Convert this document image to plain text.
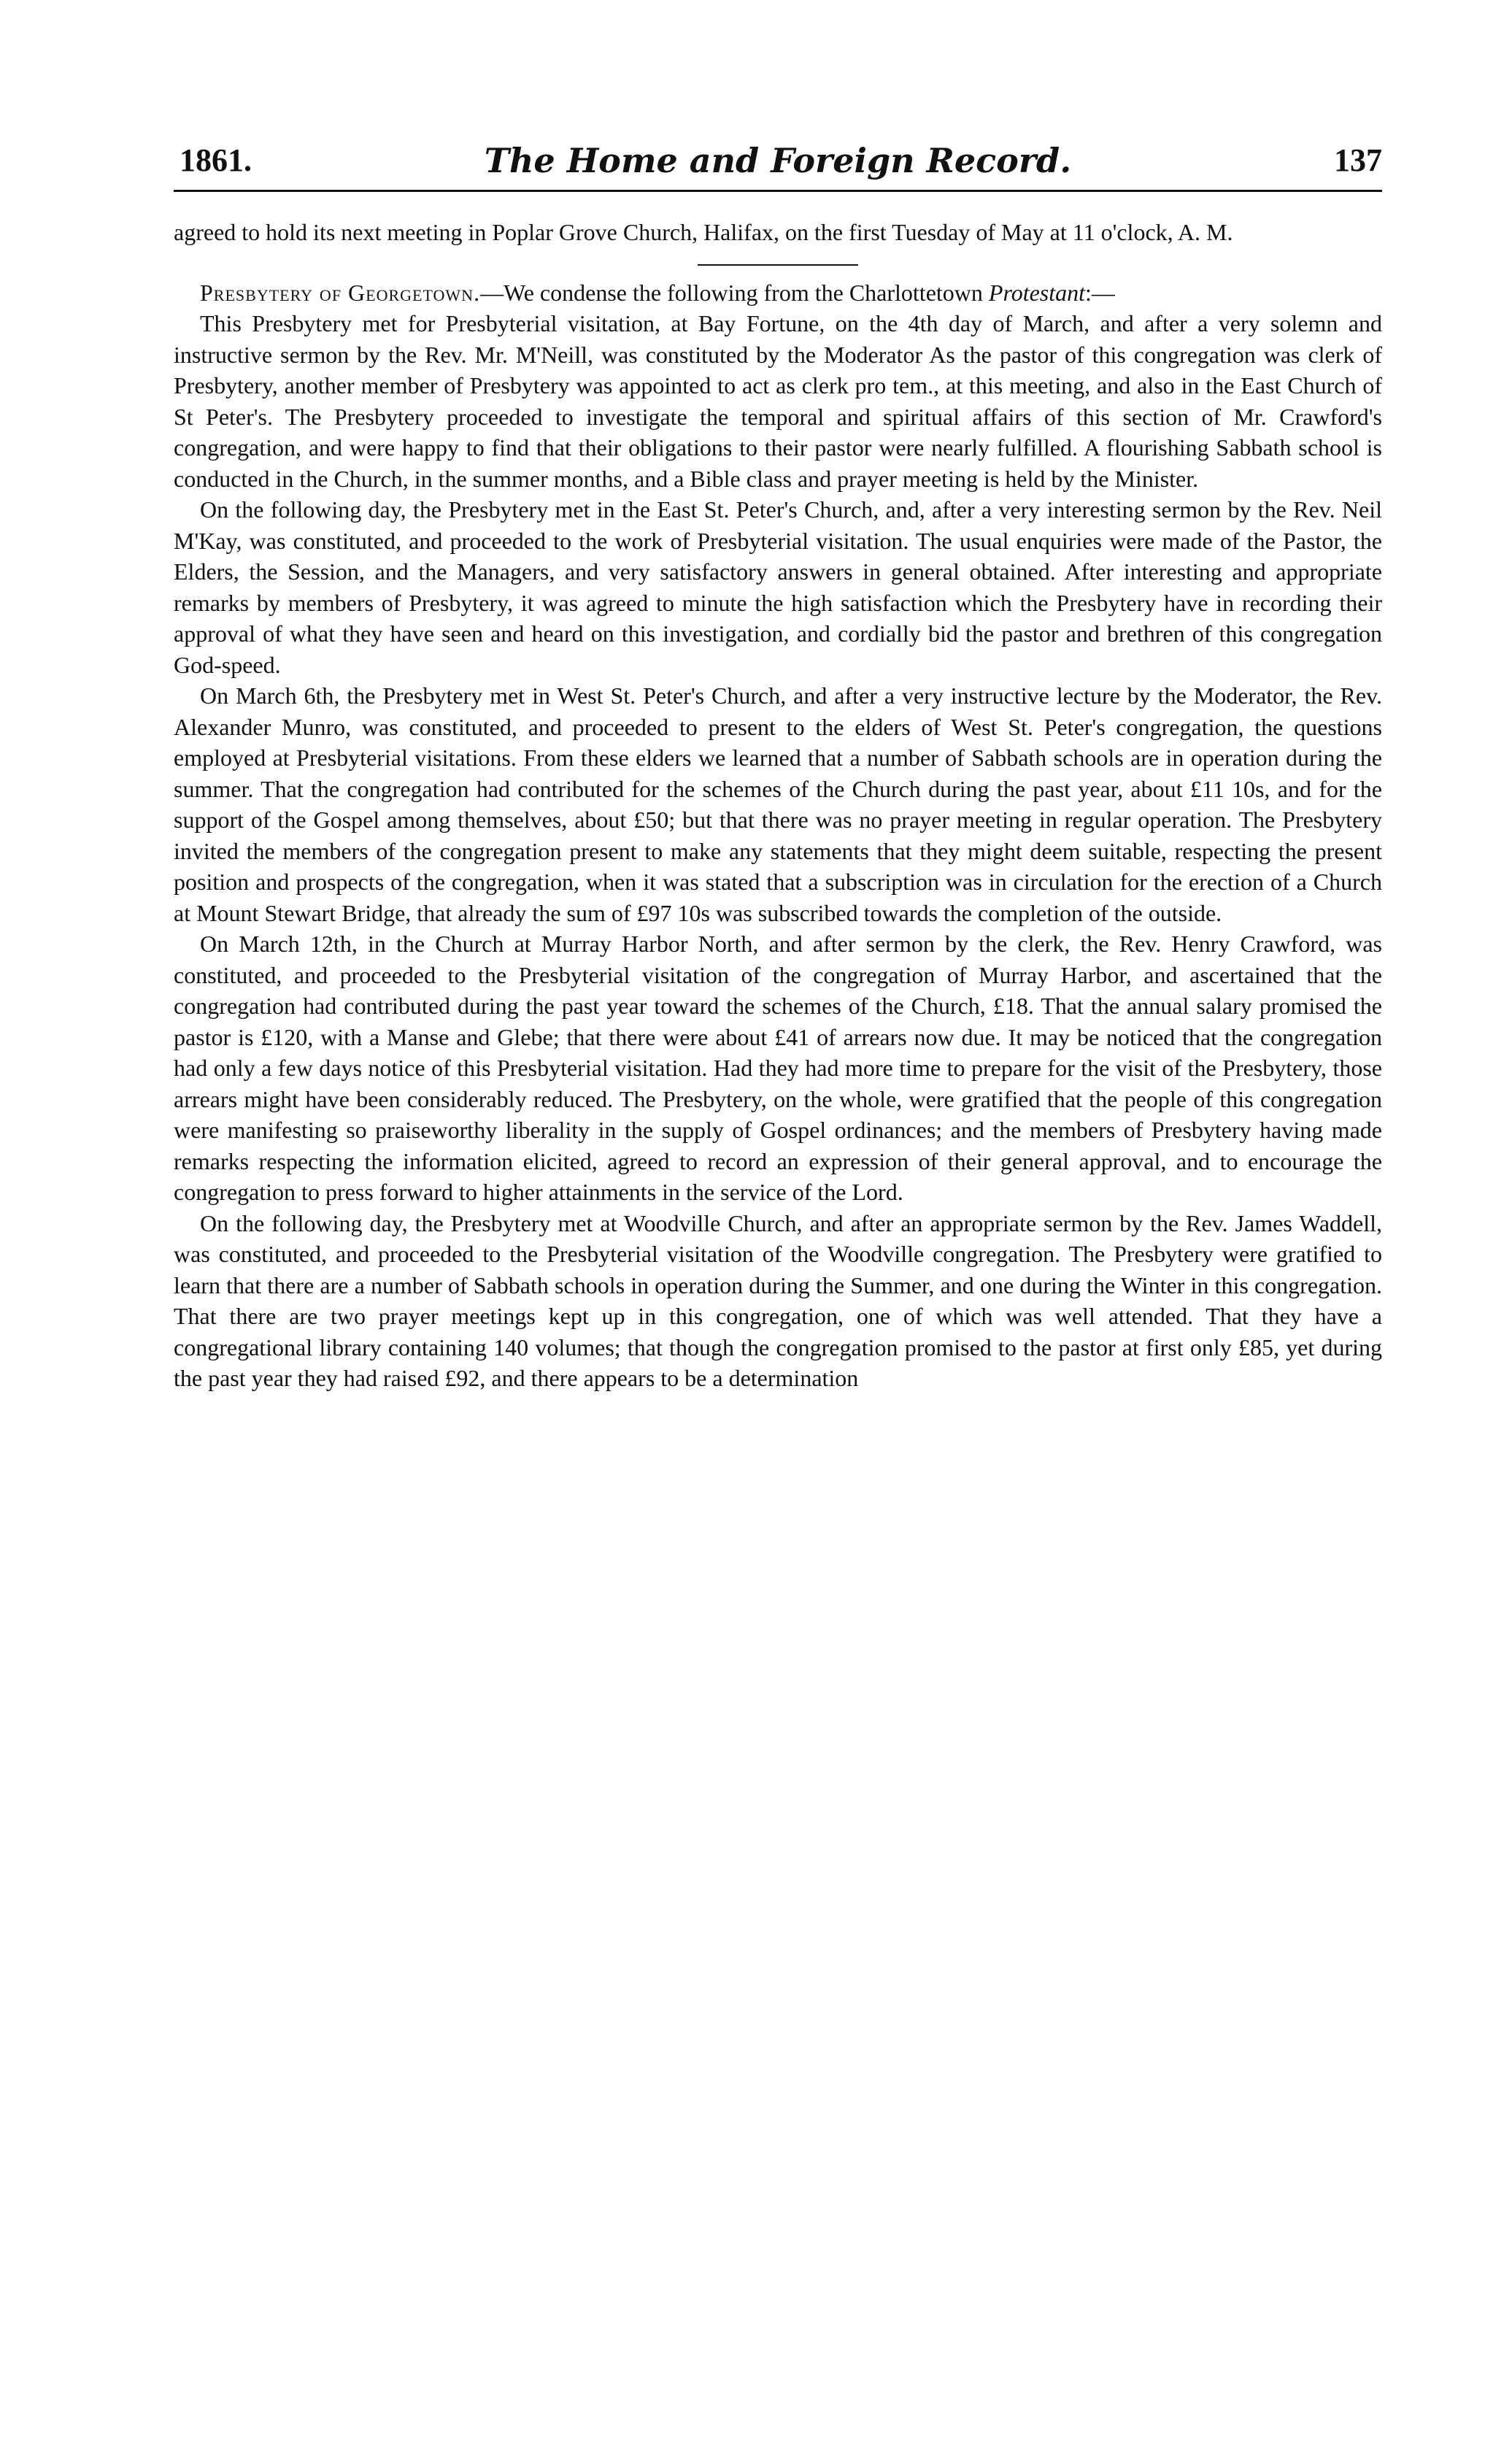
1861.	The Home and Foreign Record.	137

agreed to hold its next meeting in Poplar Grove Church, Halifax, on the first Tuesday of May at 11 o'clock, A. M.

Presbytery of Georgetown.—We condense the following from the Charlottetown Protestant:—

This Presbytery met for Presbyterial visitation, at Bay Fortune, on the 4th day of March, and after a very solemn and instructive sermon by the Rev. Mr. M'Neill, was constituted by the Moderator As the pastor of this congregation was clerk of Presbytery, another member of Presbytery was appointed to act as clerk pro tem., at this meeting, and also in the East Church of St Peter's. The Presbytery proceeded to investigate the temporal and spiritual affairs of this section of Mr. Crawford's congregation, and were happy to find that their obligations to their pastor were nearly fulfilled. A flourishing Sabbath school is conducted in the Church, in the summer months, and a Bible class and prayer meeting is held by the Minister.

On the following day, the Presbytery met in the East St. Peter's Church, and, after a very interesting sermon by the Rev. Neil M'Kay, was constituted, and proceeded to the work of Presbyterial visitation. The usual enquiries were made of the Pastor, the Elders, the Session, and the Managers, and very satisfactory answers in general obtained. After interesting and appropriate remarks by members of Presbytery, it was agreed to minute the high satisfaction which the Presbytery have in recording their approval of what they have seen and heard on this investigation, and cordially bid the pastor and brethren of this congregation God-speed.

On March 6th, the Presbytery met in West St. Peter's Church, and after a very instructive lecture by the Moderator, the Rev. Alexander Munro, was constituted, and proceeded to present to the elders of West St. Peter's congregation, the questions employed at Presbyterial visitations. From these elders we learned that a number of Sabbath schools are in operation during the summer. That the congregation had contributed for the schemes of the Church during the past year, about £11 10s, and for the support of the Gospel among themselves, about £50; but that there was no prayer meeting in regular operation. The Presbytery invited the members of the congregation present to make any statements that they might deem suitable, respecting the present position and prospects of the congregation, when it was stated that a subscription was in circulation for the erection of a Church at Mount Stewart Bridge, that already the sum of £97 10s was subscribed towards the completion of the outside.

On March 12th, in the Church at Murray Harbor North, and after sermon by the clerk, the Rev. Henry Crawford, was constituted, and proceeded to the Presbyterial visitation of the congregation of Murray Harbor, and ascertained that the congregation had contributed during the past year toward the schemes of the Church, £18. That the annual salary promised the pastor is £120, with a Manse and Glebe; that there were about £41 of arrears now due. It may be noticed that the congregation had only a few days notice of this Presbyterial visitation. Had they had more time to prepare for the visit of the Presbytery, those arrears might have been considerably reduced. The Presbytery, on the whole, were gratified that the people of this congregation were manifesting so praiseworthy liberality in the supply of Gospel ordinances; and the members of Presbytery having made remarks respecting the information elicited, agreed to record an expression of their general approval, and to encourage the congregation to press forward to higher attainments in the service of the Lord.

On the following day, the Presbytery met at Woodville Church, and after an appropriate sermon by the Rev. James Waddell, was constituted, and proceeded to the Presbyterial visitation of the Woodville congregation. The Presbytery were gratified to learn that there are a number of Sabbath schools in operation during the Summer, and one during the Winter in this congregation. That there are two prayer meetings kept up in this congregation, one of which was well attended. That they have a congregational library containing 140 volumes; that though the congregation promised to the pastor at first only £85, yet during the past year they had raised £92, and there appears to be a determination
